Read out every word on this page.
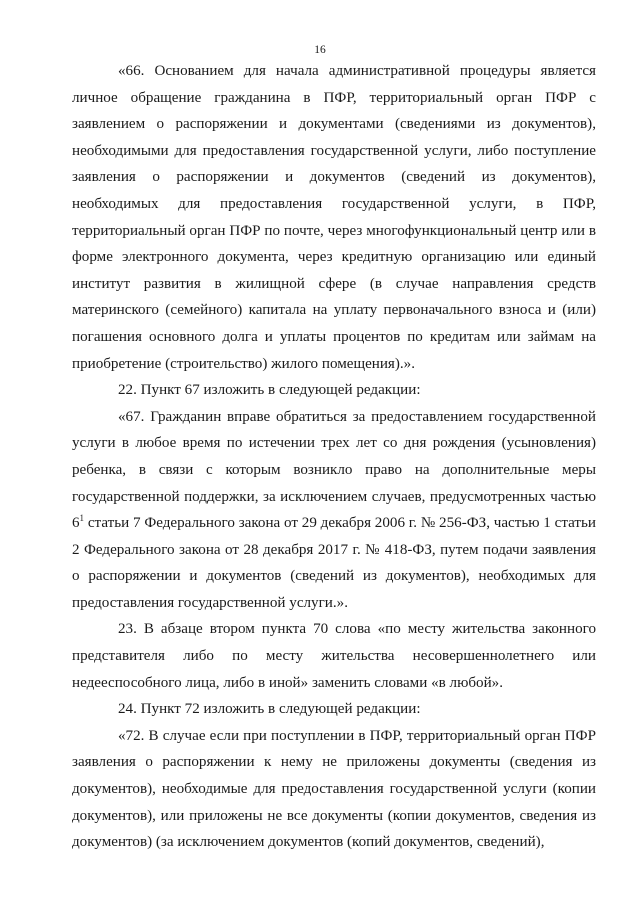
16

«66. Основанием для начала административной процедуры является личное обращение гражданина в ПФР, территориальный орган ПФР с заявлением о распоряжении и документами (сведениями из документов), необходимыми для предоставления государственной услуги, либо поступление заявления о распоряжении и документов (сведений из документов), необходимых для предоставления государственной услуги, в ПФР, территориальный орган ПФР по почте, через многофункциональный центр или в форме электронного документа, через кредитную организацию или единый институт развития в жилищной сфере (в случае направления средств материнского (семейного) капитала на уплату первоначального взноса и (или) погашения основного долга и уплаты процентов по кредитам или займам на приобретение (строительство) жилого помещения).».

22. Пункт 67 изложить в следующей редакции:

«67. Гражданин вправе обратиться за предоставлением государственной услуги в любое время по истечении трех лет со дня рождения (усыновления) ребенка, в связи с которым возникло право на дополнительные меры государственной поддержки, за исключением случаев, предусмотренных частью $6^1$ статьи 7 Федерального закона от 29 декабря 2006 г. № 256-ФЗ, частью 1 статьи 2 Федерального закона от 28 декабря 2017 г. № 418-ФЗ, путем подачи заявления о распоряжении и документов (сведений из документов), необходимых для предоставления государственной услуги.».

23. В абзаце втором пункта 70 слова «по месту жительства законного представителя либо по месту жительства несовершеннолетнего или недееспособного лица, либо в иной» заменить словами «в любой».

24. Пункт 72 изложить в следующей редакции:

«72. В случае если при поступлении в ПФР, территориальный орган ПФР заявления о распоряжении к нему не приложены документы (сведения из документов), необходимые для предоставления государственной услуги (копии документов), или приложены не все документы (копии документов, сведения из документов) (за исключением документов (копий документов, сведений),
